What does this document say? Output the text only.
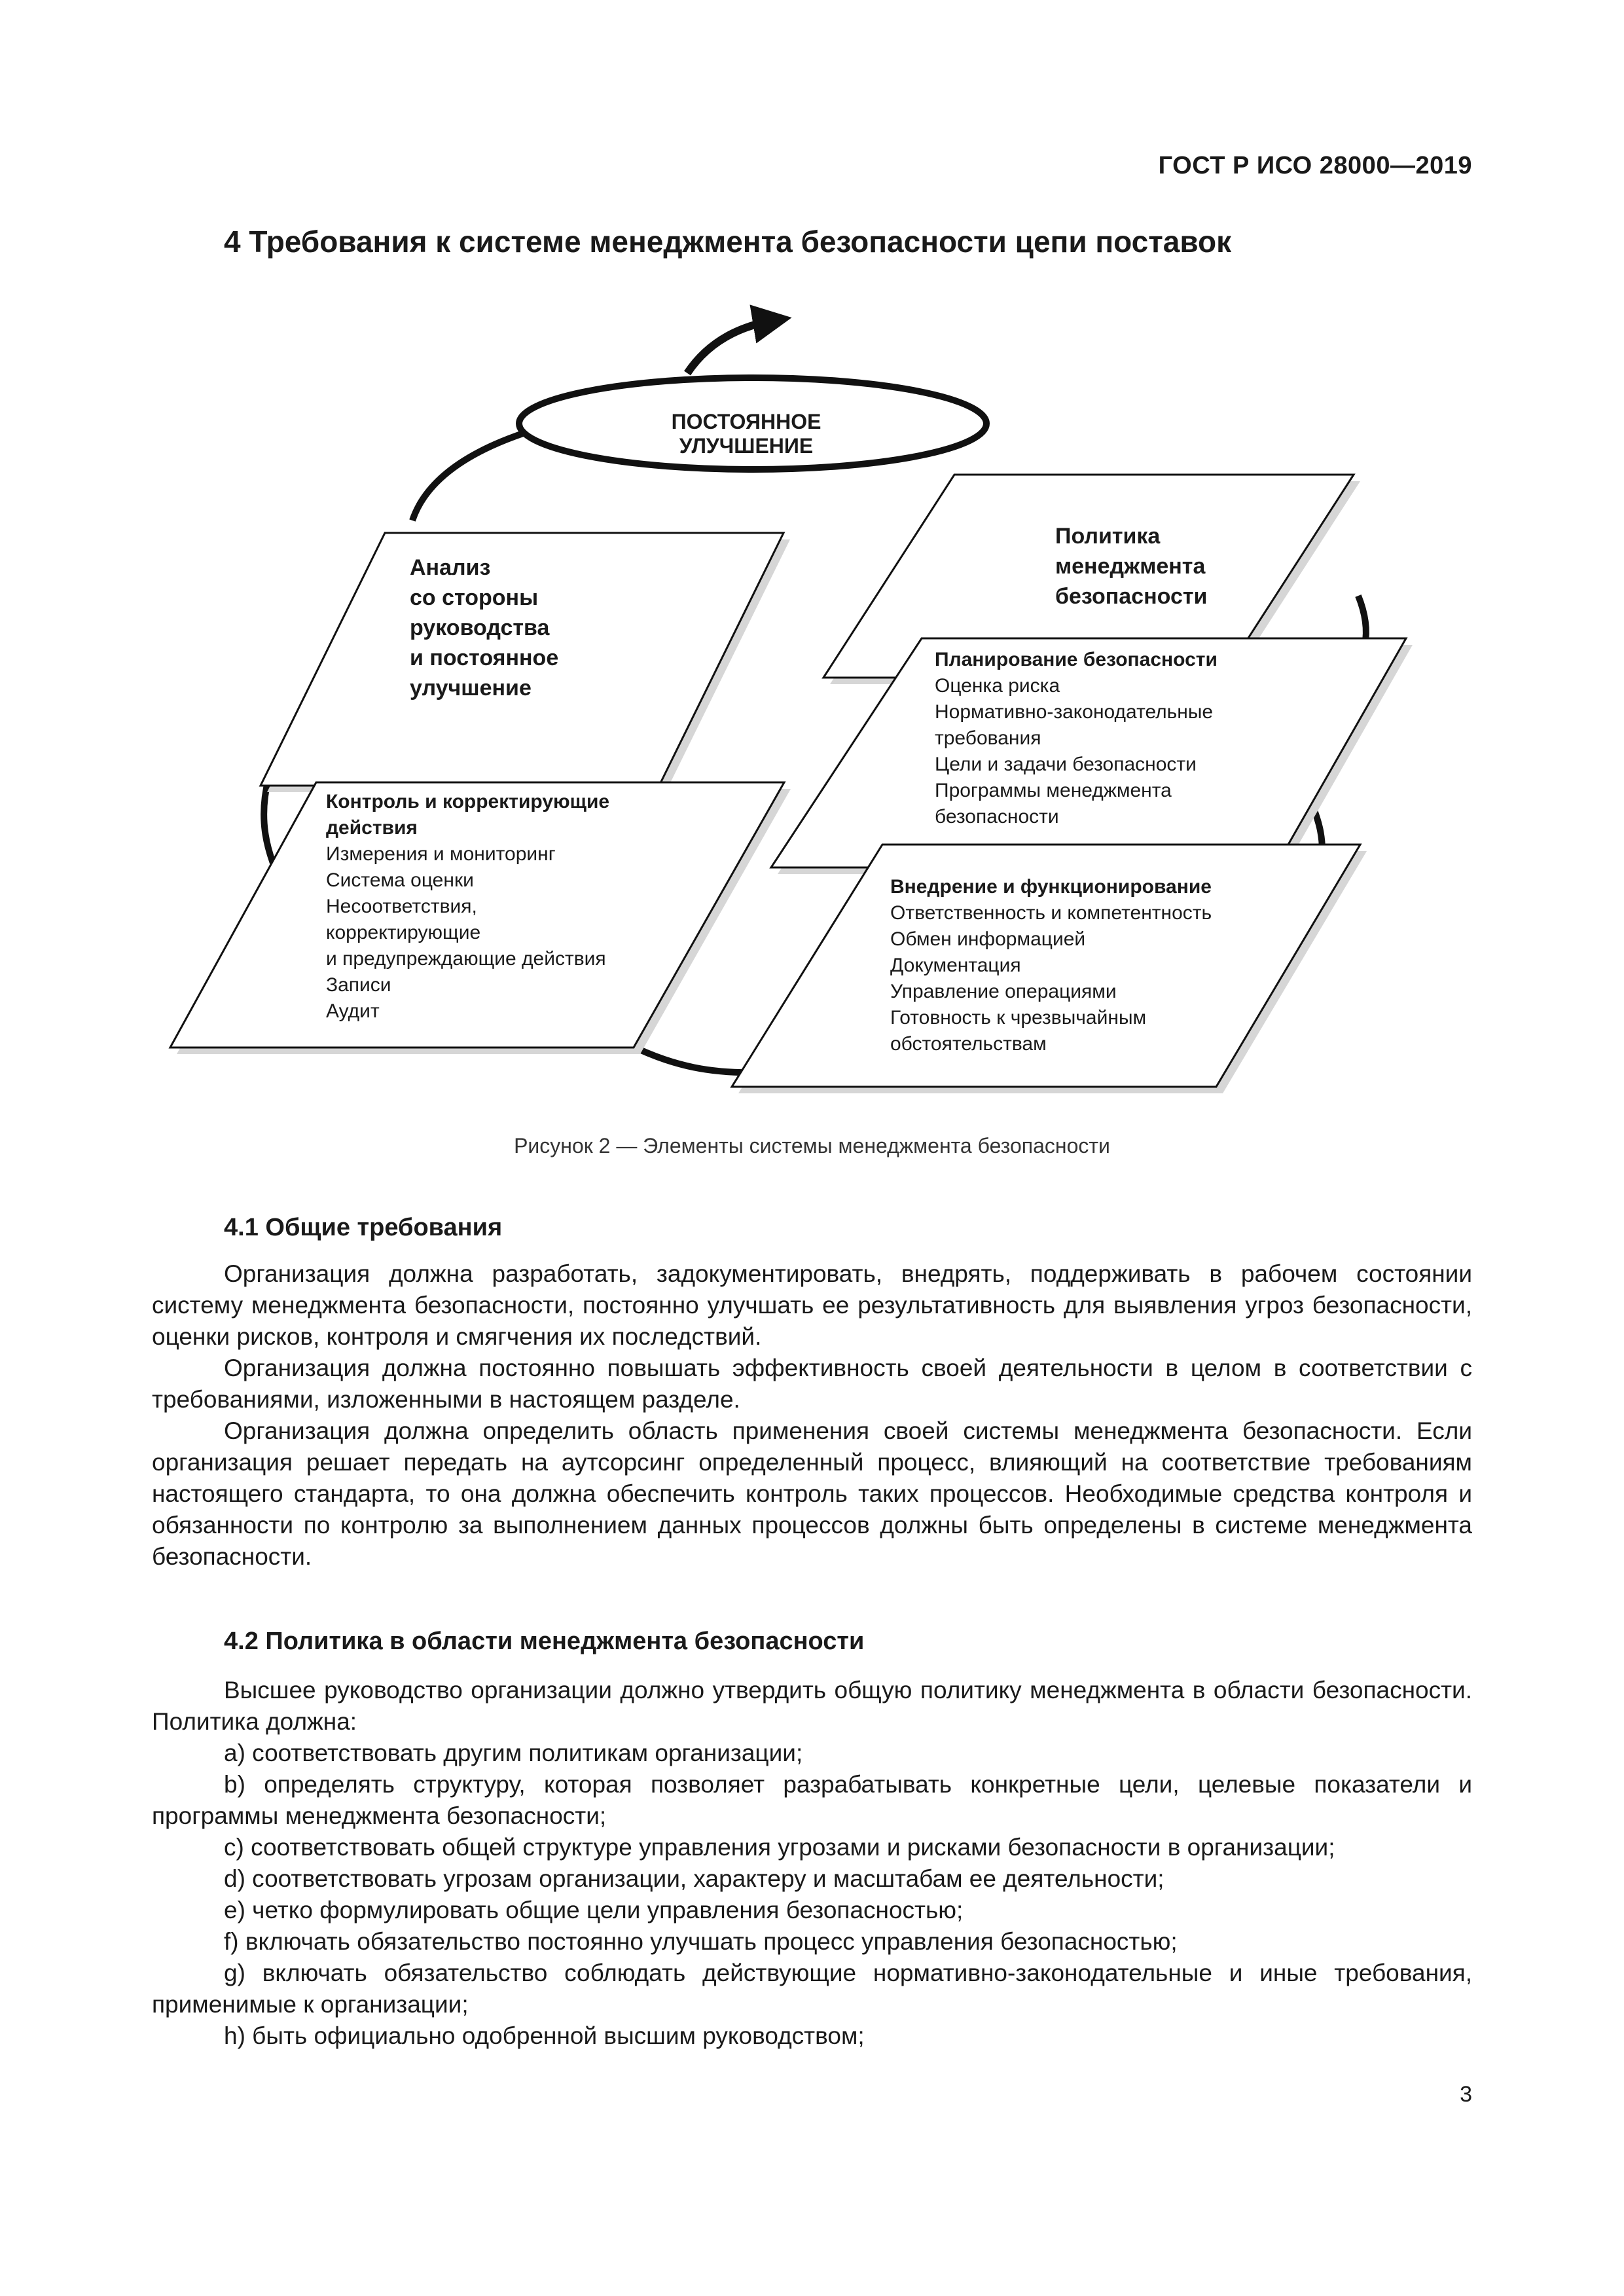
ГОСТ Р ИСО 28000—2019
4 Требования к системе менеджмента безопасности цепи поставок
ПОСТОЯННОЕ УЛУЧШЕНИЕ
Анализ
со стороны
руководства
и постоянное
улучшение
Политика
менеджмента
безопасности
Планирование безопасности
Оценка риска
Нормативно-законодательные
требования
Цели и задачи безопасности
Программы менеджмента
безопасности
Контроль и корректирующие
действия
Измерения и мониторинг
Система оценки
Несоответствия,
корректирующие
и предупреждающие действия
Записи
Аудит
Внедрение и функционирование
Ответственность и компетентность
Обмен информацией
Документация
Управление операциями
Готовность к чрезвычайным
обстоятельствам
Рисунок 2 — Элементы системы менеджмента безопасности
4.1 Общие требования

Организация должна разработать, задокументировать, внедрять, поддерживать в рабочем состоянии систему менеджмента безопасности, постоянно улучшать ее результативность для выявления угроз безопасности, оценки рисков, контроля и смягчения их последствий.

Организация должна постоянно повышать эффективность своей деятельности в целом в соответствии с требованиями, изложенными в настоящем разделе.

Организация должна определить область применения своей системы менеджмента безопасности. Если организация решает передать на аутсорсинг определенный процесс, влияющий на соответствие требованиям настоящего стандарта, то она должна обеспечить контроль таких процессов. Необходимые средства контроля и обязанности по контролю за выполнением данных процессов должны быть определены в системе менеджмента безопасности.

4.2 Политика в области менеджмента безопасности

Высшее руководство организации должно утвердить общую политику менеджмента в области безопасности. Политика должна:

a) соответствовать другим политикам организации;

b) определять структуру, которая позволяет разрабатывать конкретные цели, целевые показатели и программы менеджмента безопасности;

c) соответствовать общей структуре управления угрозами и рисками безопасности в организации;

d) соответствовать угрозам организации, характеру и масштабам ее деятельности;

e) четко формулировать общие цели управления безопасностью;

f) включать обязательство постоянно улучшать процесс управления безопасностью;

g) включать обязательство соблюдать действующие нормативно-законодательные и иные требования, применимые к организации;

h) быть официально одобренной высшим руководством;

3
